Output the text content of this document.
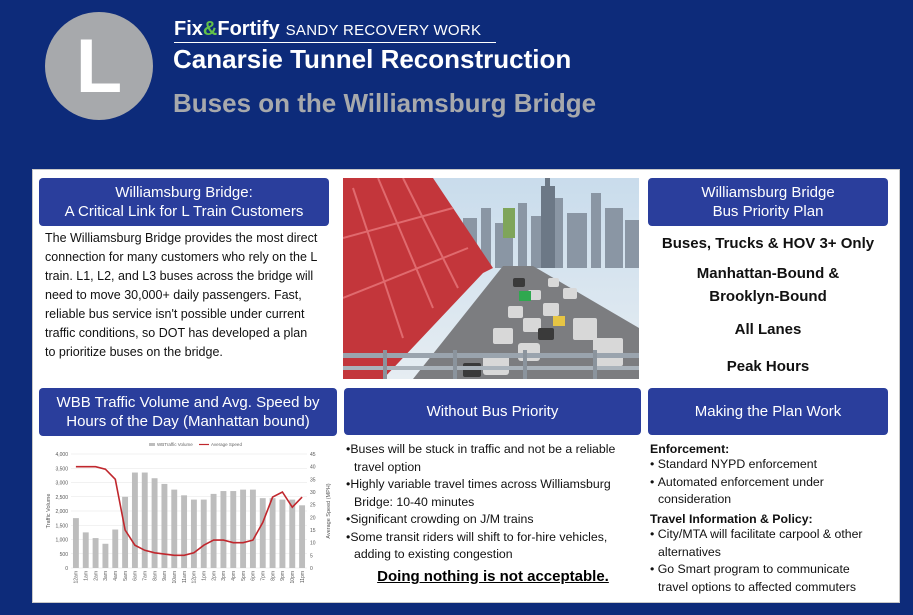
L	Fix&Fortify SANDY RECOVERY WORK
Canarsie Tunnel Reconstruction
Buses on the Williamsburg Bridge
Williamsburg Bridge:
A Critical Link for L Train Customers
The Williamsburg Bridge provides the most direct
connection for many customers who rely on the L
train. L1, L2, and L3 buses across the bridge will
need to move 30,000+ daily passengers. Fast,
reliable bus service isn't possible under current
traffic conditions, so DOT has developed a plan
to prioritize buses on the bridge.
Williamsburg Bridge
Bus Priority Plan
Buses, Trucks & HOV 3+ Only
Manhattan-Bound &
Brooklyn-Bound
All Lanes
Peak Hours
WBB Traffic Volume and Avg. Speed by
Hours of the Day (Manhattan bound)
0
500
1,000
1,500
2,000
2,500
3,000
3,500
4,000
0
5
10
15
20
25
30
35
40
45
12am 1am 2am 3am 4am 5am 6am 7am 8am 9am 10am 11am 12pm 1pm 2pm 3pm 4pm 5pm 6pm 7pm 8pm 9pm 10pm 11pm
Traffic Volume	Average Speed (MPH)
WBTraffic Volume	Average Speed
Without Bus Priority
•Buses will be stuck in traffic and not be a reliable
travel option
•Highly variable travel times across Williamsburg
Bridge: 10-40 minutes
•Significant crowding on J/M trains
•Some transit riders will shift to for-hire vehicles,
adding to existing congestion
Doing nothing is not acceptable.
Making the Plan Work
Enforcement:
• Standard NYPD enforcement
• Automated enforcement under
consideration
Travel Information & Policy:
• City/MTA will facilitate carpool & other
alternatives
• Go Smart program to communicate
travel options to affected commuters
